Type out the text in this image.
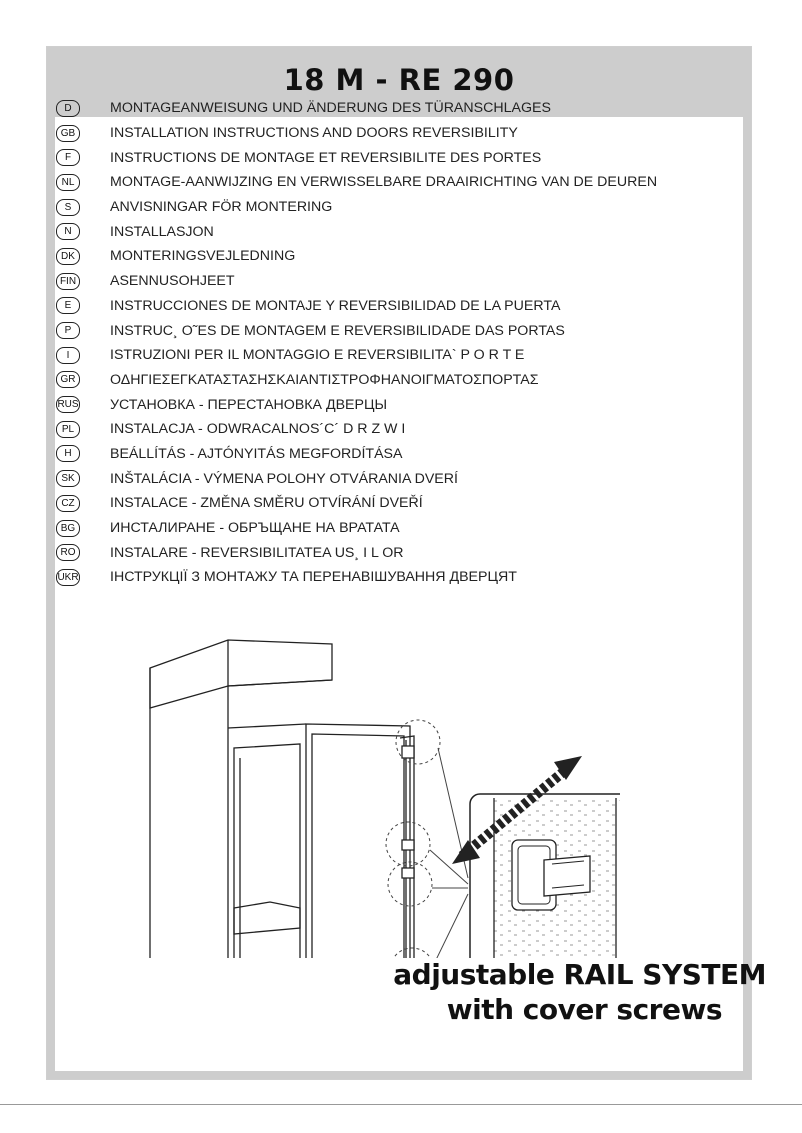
18 M - RE 290
D	MONTAGEANWEISUNG UND ÄNDERUNG DES TÜRANSCHLAGES
GB	INSTALLATION INSTRUCTIONS AND DOORS REVERSIBILITY
F	INSTRUCTIONS DE MONTAGE ET REVERSIBILITE DES PORTES
NL	MONTAGE-AANWIJZING EN VERWISSELBARE DRAAIRICHTING VAN DE DEUREN
S	ANVISNINGAR FÖR MONTERING
N	INSTALLASJON
DK	MONTERINGSVEJLEDNING
FIN ASENNUSOHJEET
E	INSTRUCCIONES DE MONTAJE Y REVERSIBILIDAD DE LA PUERTA
P	INSTRUC¸ O˜ES DE MONTAGEM E REVERSIBILIDADE DAS PORTAS
I	ISTRUZIONI PER IL MONTAGGIO E REVERSIBILITA` P O R T E
GR	ΟΔΗΓΙΕΣΕΓΚΑΤΑΣΤΑΣΗΣΚΑΙΑΝΤΙΣΤΡΟΦΗΑΝΟΙΓΜΑΤΟΣΠΟΡΤΑΣ
RUS УСТАНОВКА - ПЕРЕСТАНОВКА ДВЕРЦЫ
PL	INSTALACJA - ODWRACALNOS´C´ D R Z W I
H	BEÁLLÍTÁS - AJTÓNYITÁS MEGFORDÍTÁSA
SK	INŠTALÁCIA - VÝMENA POLOHY OTVÁRANIA DVERÍ
CZ	INSTALACE - ZMĚNA SMĚRU OTVÍRÁNÍ DVEŘÍ
BG	ИНСТАЛИРАНЕ - ОБРЪЩАНЕ НА ВРАТАТА
RO	INSTALARE - REVERSIBILITATEA US¸ I L OR
UKR ІНСТРУКЦІЇ З МОНТАЖУ ТА ПЕРЕНАВІШУВАННЯ ДВЕРЦЯТ
adjustable RAIL SYSTEM
with cover screws
